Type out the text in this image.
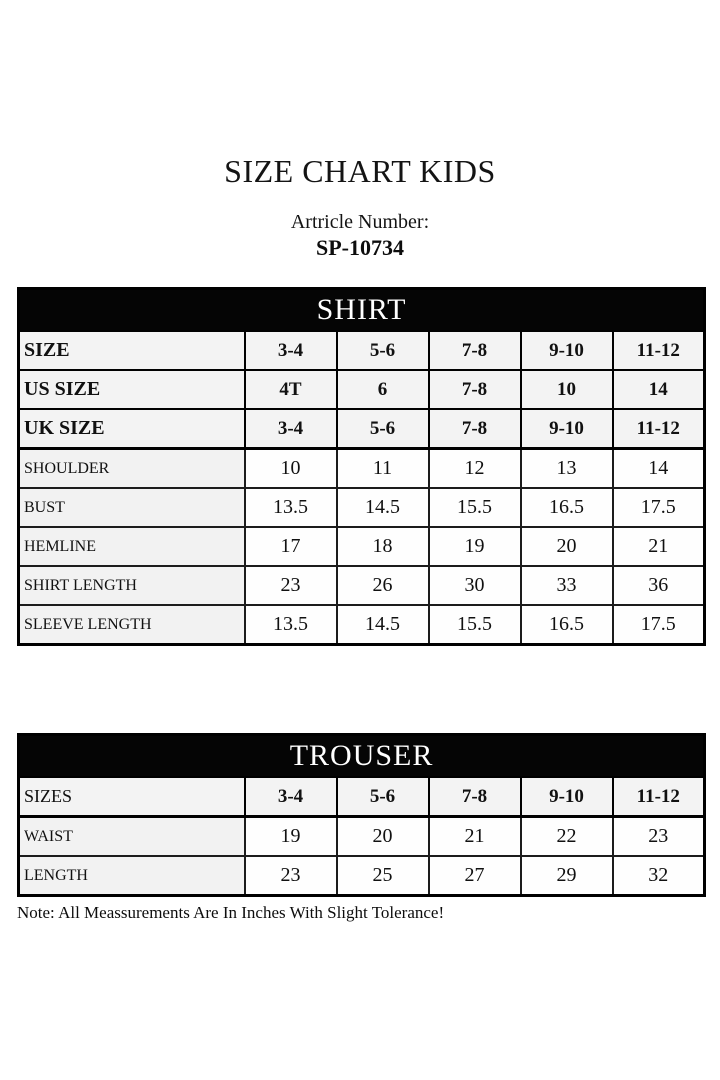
SIZE CHART KIDS
Artricle Number:
SP-10734
SHIRT					
SIZE	3-4	5-6	7-8	9-10	11-12
US SIZE	4T	6	7-8	10	14
UK SIZE	3-4	5-6	7-8	9-10	11-12
SHOULDER	10	11	12	13	14
BUST	13.5	14.5	15.5	16.5	17.5
HEMLINE	17	18	19	20	21
SHIRT LENGTH	23	26	30	33	36
SLEEVE LENGTH	13.5	14.5	15.5	16.5	17.5
TROUSER					
SIZES	3-4	5-6	7-8	9-10	11-12
WAIST	19	20	21	22	23
LENGTH	23	25	27	29	32
Note: All Meassurements Are In Inches With Slight Tolerance!
